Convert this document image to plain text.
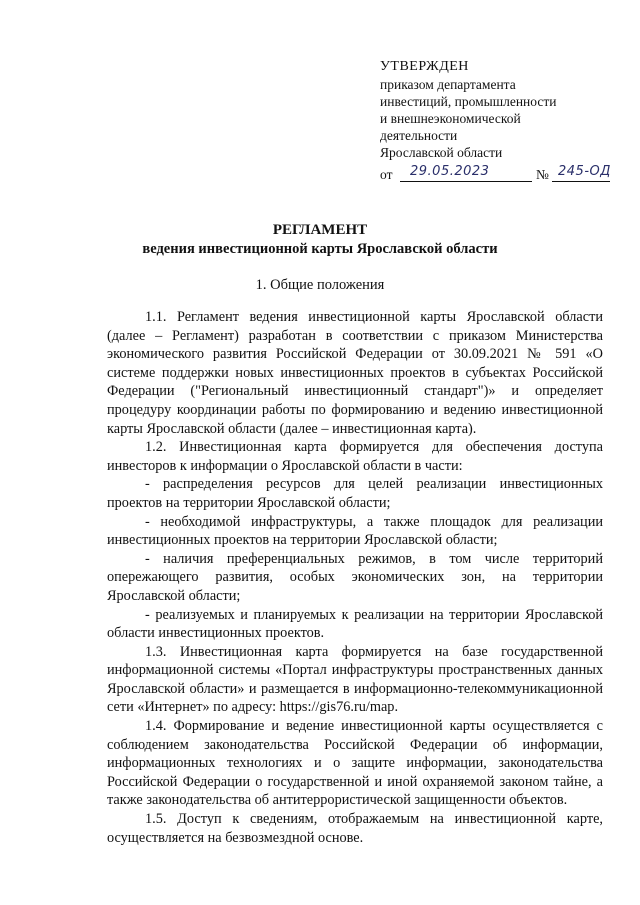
УТВЕРЖДЕН
приказом департамента
инвестиций, промышленности
и внешнеэкономической
деятельности
Ярославской области
от 29.05.2023	№ 245-ОД
РЕГЛАМЕНТ
ведения инвестиционной карты Ярославской области
1. Общие положения

1.1. Регламент ведения инвестиционной карты Ярославской области (далее – Регламент) разработан в соответствии с приказом Министерства экономического развития Российской Федерации от 30.09.2021 № 591 «О системе поддержки новых инвестиционных проектов в субъектах Российской Федерации ("Региональный инвестиционный стандарт")» и определяет процедуру координации работы по формированию и ведению инвестиционной карты Ярославской области (далее – инвестиционная карта).

1.2. Инвестиционная карта формируется для обеспечения доступа инвесторов к информации о Ярославской области в части:

- распределения ресурсов для целей реализации инвестиционных проектов на территории Ярославской области;

- необходимой инфраструктуры, а также площадок для реализации инвестиционных проектов на территории Ярославской области;

- наличия преференциальных режимов, в том числе территорий опережающего развития, особых экономических зон, на территории Ярославской области;

- реализуемых и планируемых к реализации на территории Ярославской области инвестиционных проектов.

1.3. Инвестиционная карта формируется на базе государственной информационной системы «Портал инфраструктуры пространственных данных Ярославской области» и размещается в информационно-телекоммуникационной сети «Интернет» по адресу: https://gis76.ru/map.

1.4. Формирование и ведение инвестиционной карты осуществляется с соблюдением законодательства Российской Федерации об информации, информационных технологиях и о защите информации, законодательства Российской Федерации о государственной и иной охраняемой законом тайне, а также законодательства об антитеррористической защищенности объектов.

1.5. Доступ к сведениям, отображаемым на инвестиционной карте, осуществляется на безвозмездной основе.
